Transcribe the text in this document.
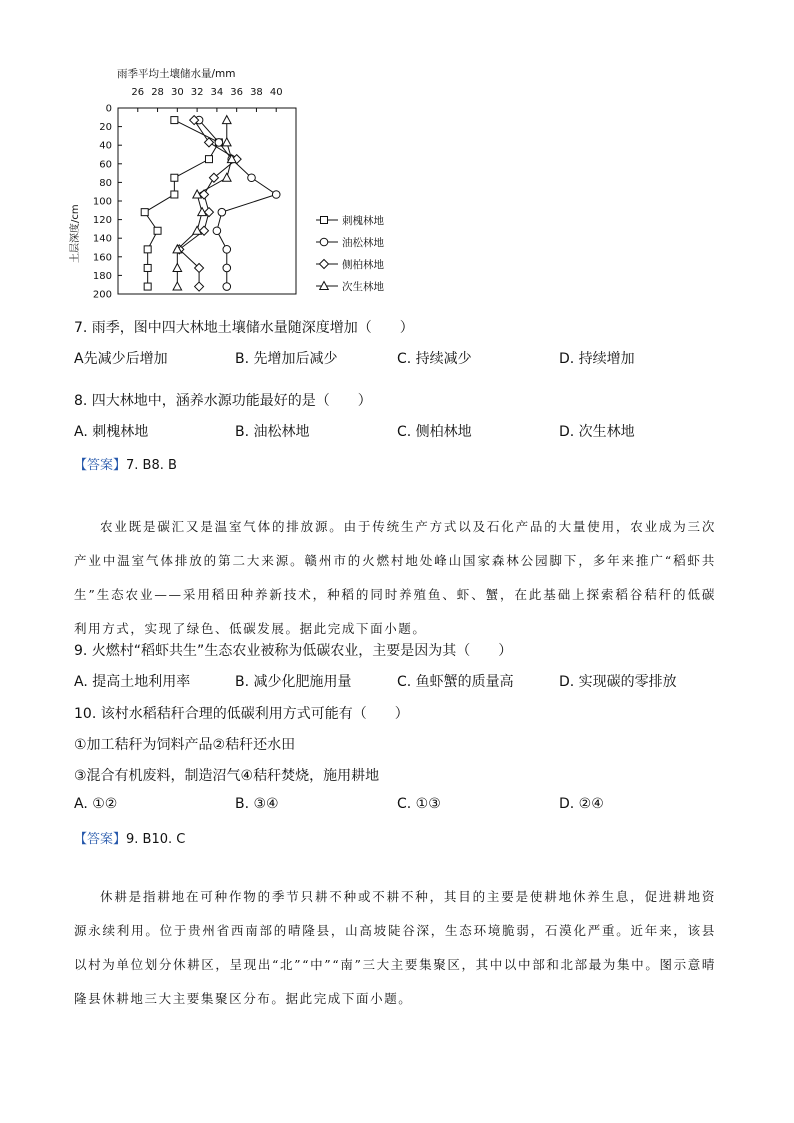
雨季平均土壤储水量/mm
26 28 30 32 34 36 38 40
0
20
40
60
80
100
120
140
160
180
200
土层深度/cm	刺槐林地
油松林地
侧柏林地
次生林地
7. 雨季，图中四大林地土壤储水量随深度增加（　　）
A先减少后增加	B. 先增加后减少	C. 持续减少	D. 持续增加
8. 四大林地中，涵养水源功能最好的是（　　）
A. 刺槐林地	B. 油松林地	C. 侧柏林地	D. 次生林地
【答案】7. B8. B

农业既是碳汇又是温室气体的排放源。由于传统生产方式以及石化产品的大量使用，农业成为三次产业中温室气体排放的第二大来源。赣州市的火燃村地处峰山国家森林公园脚下，多年来推广“稻虾共生”生态农业——采用稻田种养新技术，种稻的同时养殖鱼、虾、蟹，在此基础上探索稻谷秸秆的低碳利用方式，实现了绿色、低碳发展。据此完成下面小题。

9. 火燃村“稻虾共生”生态农业被称为低碳农业，主要是因为其（　　）
A. 提高土地利用率	B. 减少化肥施用量	C. 鱼虾蟹的质量高	D. 实现碳的零排放
10. 该村水稻秸秆合理的低碳利用方式可能有（　　）
①加工秸秆为饲料产品②秸秆还水田
③混合有机废料，制造沼气④秸秆焚烧，施用耕地
A. ①②	B. ③④	C. ①③	D. ②④
【答案】9. B10. C

休耕是指耕地在可种作物的季节只耕不种或不耕不种，其目的主要是使耕地休养生息，促进耕地资源永续利用。位于贵州省西南部的晴隆县，山高坡陡谷深，生态环境脆弱，石漠化严重。近年来，该县以村为单位划分休耕区，呈现出“北”“中”“南”三大主要集聚区，其中以中部和北部最为集中。图示意晴隆县休耕地三大主要集聚区分布。据此完成下面小题。
